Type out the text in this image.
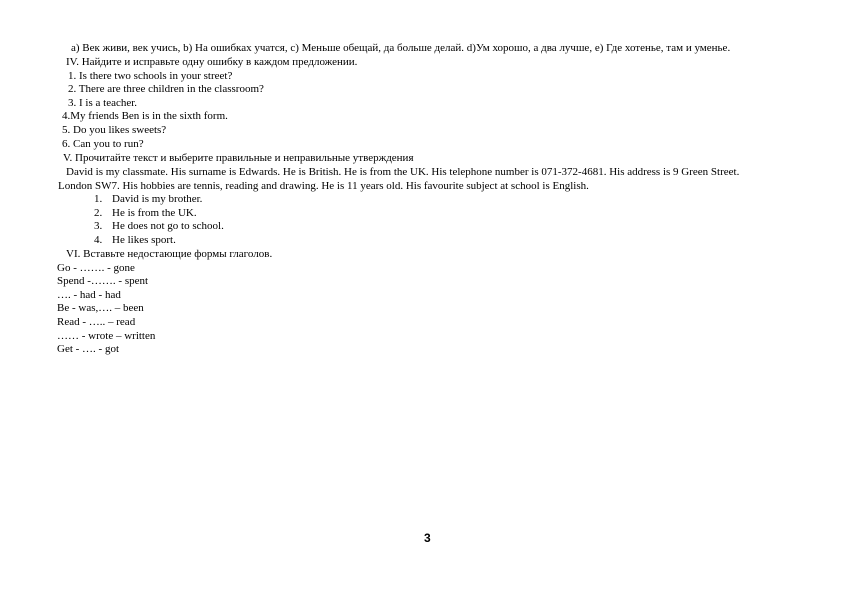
a) Век живи, век учись, b) На ошибках учатся, c) Меньше обещай, да больше делай. d)Ум хорошо, а два лучше, e) Где хотенье, там и уменье.
IV. Найдите и исправьте одну ошибку в каждом предложении.
1. Is there two schools in your street?
2. There are three children in the classroom?
3. I is a teacher.
4.My friends Ben is in the sixth form.
5. Do you likes sweets?
6. Can you to run?
V. Прочитайте текст и выберите правильные и неправильные утверждения
David is my classmate. His surname is Edwards. He is British. He is from the UK. His telephone number is 071-372-4681. His address is 9 Green Street.
London SW7. His hobbies are tennis, reading and drawing. He is 11 years old. His favourite subject at school is English.
1. David is my brother.
2. He is from the UK.
3. He does not go to school.
4. He likes sport.
VI. Вставьте недостающие формы глаголов.
Go - ……. - gone
Spend -……. - spent
…. - had - had
Be - was,…. – been
Read - ….. – read
…… - wrote – written
Get - …. - got
3
